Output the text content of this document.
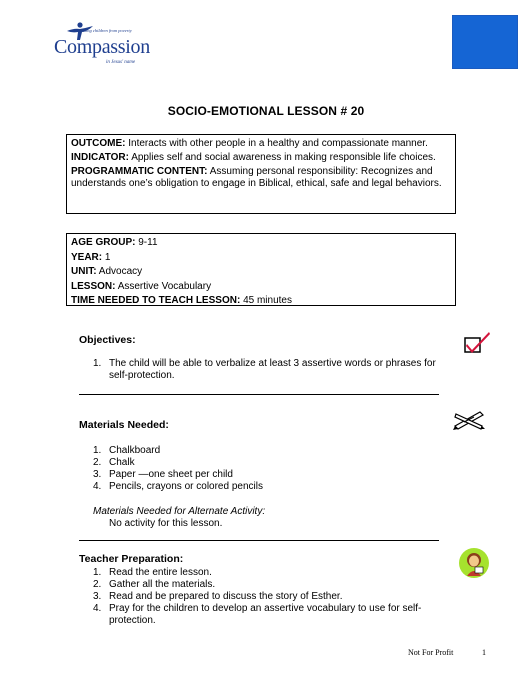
Releasing children from poverty
Compassion
in Jesus' name
SOCIO-EMOTIONAL LESSON # 20

OUTCOME: Interacts with other people in a healthy and compassionate manner.

INDICATOR: Applies self and social awareness in making responsible life choices.

PROGRAMMATIC CONTENT: Assuming personal responsibility: Recognizes and understands one’s obligation to engage in Biblical, ethical, safe and legal behaviors.

AGE GROUP: 9-11

YEAR: 1

UNIT: Advocacy

LESSON: Assertive Vocabulary

TIME NEEDED TO TEACH LESSON: 45 minutes

Objectives:
1. The child will be able to verbalize at least 3 assertive words or phrases for self-protection.
Materials Needed:
1. Chalkboard
2. Chalk
3. Paper —one sheet per child
4. Pencils, crayons or colored pencils
Materials Needed for Alternate Activity:
No activity for this lesson.
Teacher Preparation:
1. Read the entire lesson.
2. Gather all the materials.
3. Read and be prepared to discuss the story of Esther.
4. Pray for the children to develop an assertive vocabulary to use for self-protection.
Not For Profit	1
